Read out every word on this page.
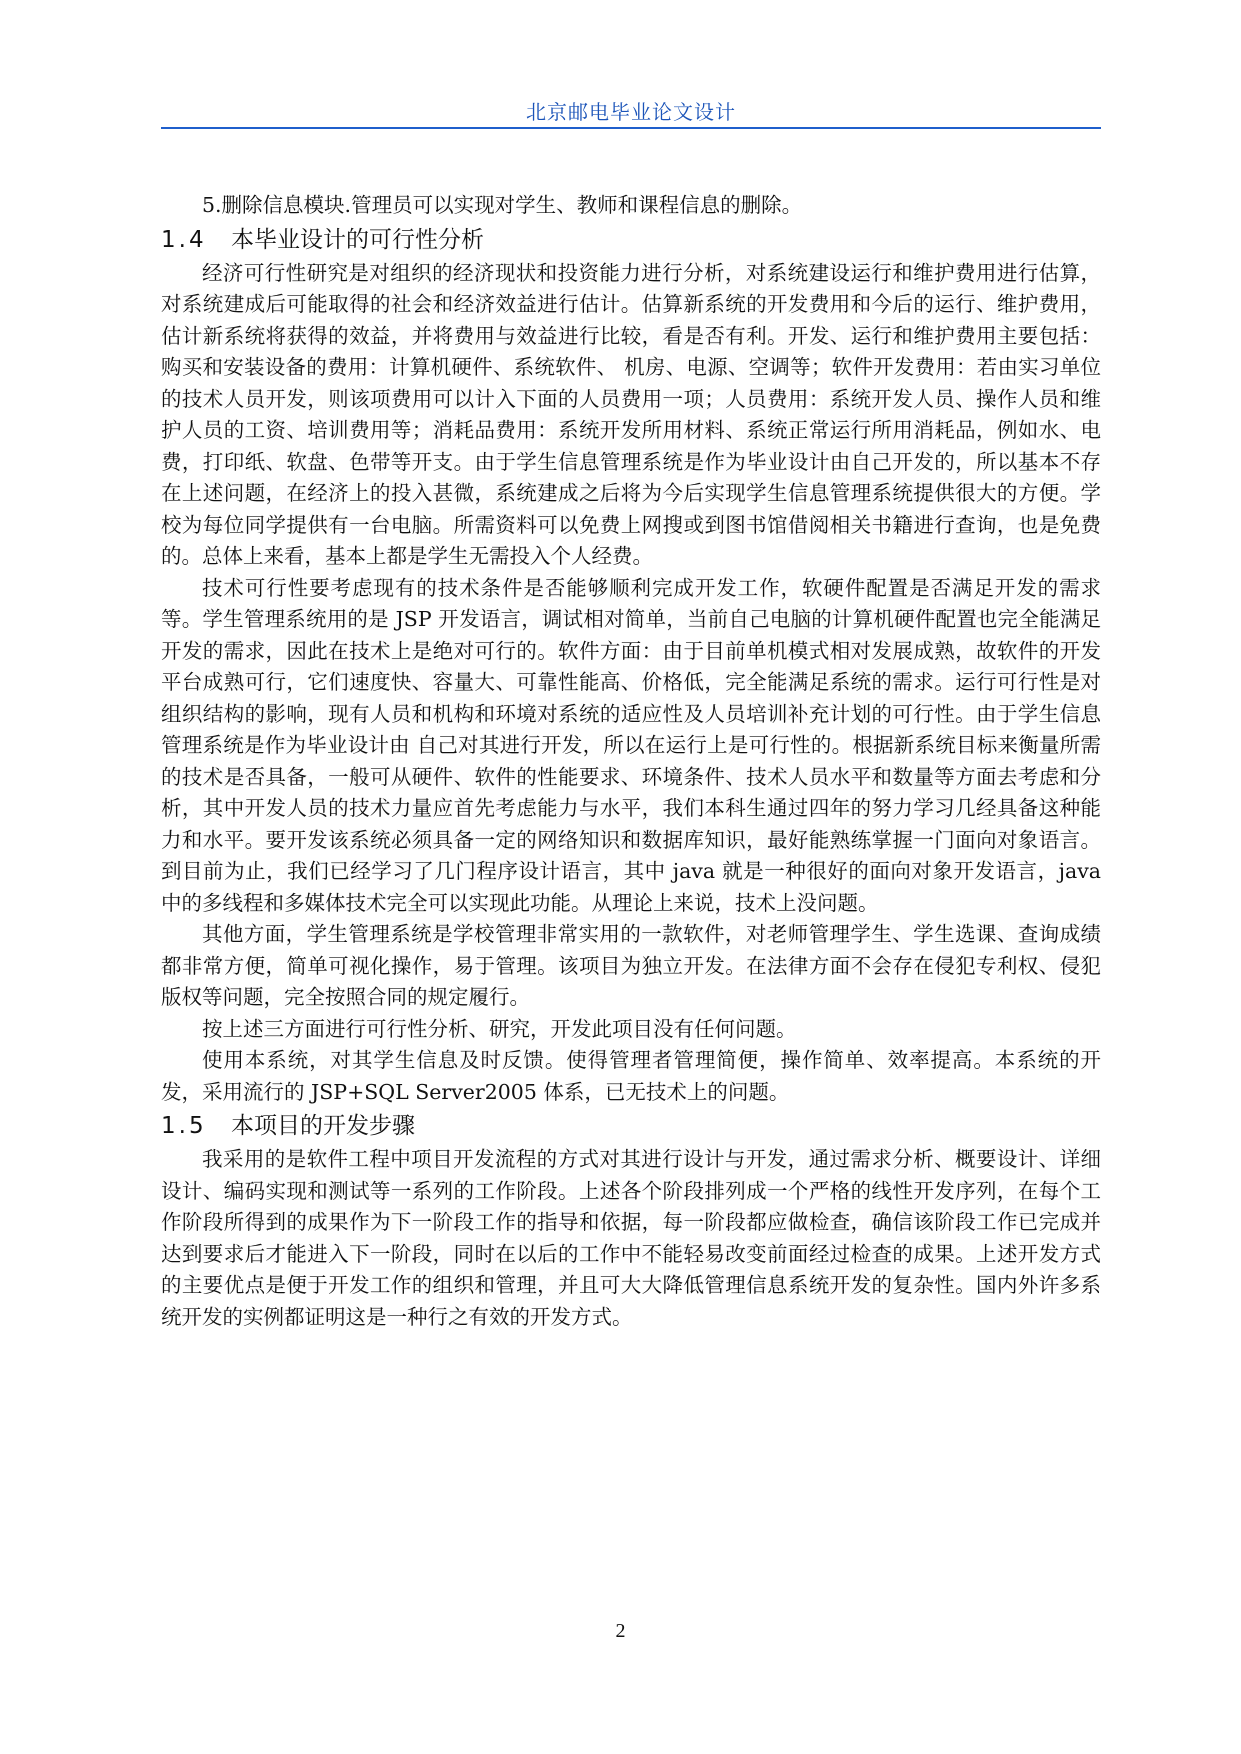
北京邮电毕业论文设计

5.删除信息模块.管理员可以实现对学生、教师和课程信息的删除。

1.4 本毕业设计的可行性分析

经济可行性研究是对组织的经济现状和投资能力进行分析，对系统建设运行和维护费用进行估算，对系统建成后可能取得的社会和经济效益进行估计。估算新系统的开发费用和今后的运行、维护费用，估计新系统将获得的效益，并将费用与效益进行比较，看是否有利。开发、运行和维护费用主要包括：购买和安装设备的费用：计算机硬件、系统软件、 机房、电源、空调等；软件开发费用：若由实习单位的技术人员开发，则该项费用可以计入下面的人员费用一项；人员费用：系统开发人员、操作人员和维护人员的工资、培训费用等；消耗品费用：系统开发所用材料、系统正常运行所用消耗品，例如水、电费，打印纸、软盘、色带等开支。由于学生信息管理系统是作为毕业设计由自己开发的，所以基本不存在上述问题，在经济上的投入甚微，系统建成之后将为今后实现学生信息管理系统提供很大的方便。学校为每位同学提供有一台电脑。所需资料可以免费上网搜或到图书馆借阅相关书籍进行查询，也是免费的。总体上来看，基本上都是学生无需投入个人经费。

技术可行性要考虑现有的技术条件是否能够顺利完成开发工作，软硬件配置是否满足开发的需求等。学生管理系统用的是 JSP 开发语言，调试相对简单，当前自己电脑的计算机硬件配置也完全能满足开发的需求，因此在技术上是绝对可行的。软件方面：由于目前单机模式相对发展成熟，故软件的开发平台成熟可行，它们速度快、容量大、可靠性能高、价格低，完全能满足系统的需求。运行可行性是对组织结构的影响，现有人员和机构和环境对系统的适应性及人员培训补充计划的可行性。由于学生信息管理系统是作为毕业设计由 自己对其进行开发，所以在运行上是可行性的。根据新系统目标来衡量所需的技术是否具备，一般可从硬件、软件的性能要求、环境条件、技术人员水平和数量等方面去考虑和分析，其中开发人员的技术力量应首先考虑能力与水平，我们本科生通过四年的努力学习几经具备这种能力和水平。要开发该系统必须具备一定的网络知识和数据库知识，最好能熟练掌握一门面向对象语言。到目前为止，我们已经学习了几门程序设计语言，其中 java 就是一种很好的面向对象开发语言，java 中的多线程和多媒体技术完全可以实现此功能。从理论上来说，技术上没问题。

其他方面，学生管理系统是学校管理非常实用的一款软件，对老师管理学生、学生选课、查询成绩都非常方便，简单可视化操作，易于管理。该项目为独立开发。在法律方面不会存在侵犯专利权、侵犯版权等问题，完全按照合同的规定履行。

按上述三方面进行可行性分析、研究，开发此项目没有任何问题。

使用本系统，对其学生信息及时反馈。使得管理者管理简便，操作简单、效率提高。本系统的开发，采用流行的 JSP+SQL Server2005 体系，已无技术上的问题。

1.5 本项目的开发步骤

我采用的是软件工程中项目开发流程的方式对其进行设计与开发，通过需求分析、概要设计、详细设计、编码实现和测试等一系列的工作阶段。上述各个阶段排列成一个严格的线性开发序列，在每个工作阶段所得到的成果作为下一阶段工作的指导和依据，每一阶段都应做检查，确信该阶段工作已完成并达到要求后才能进入下一阶段，同时在以后的工作中不能轻易改变前面经过检查的成果。上述开发方式的主要优点是便于开发工作的组织和管理，并且可大大降低管理信息系统开发的复杂性。国内外许多系统开发的实例都证明这是一种行之有效的开发方式。

2
